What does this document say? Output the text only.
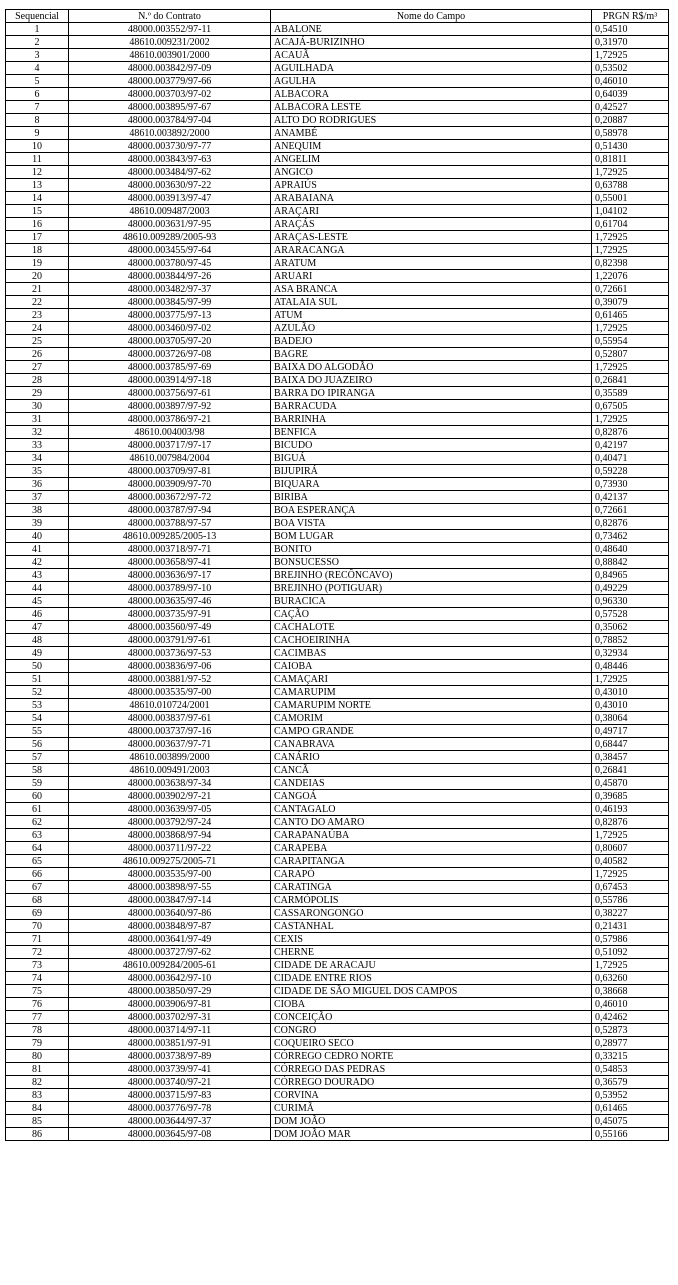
Sequencial	N.º do Contrato	Nome do Campo	PRGN R$/m³
1	48000.003552/97-11	ABALONE	0,54510
2	48610.009231/2002	ACAJÁ-BURIZINHO	0,31970
3	48610.003901/2000	ACAUÃ	1,72925
4	48000.003842/97-09	AGUILHADA	0,53502
5	48000.003779/97-66	AGULHA	0,46010
6	48000.003703/97-02	ALBACORA	0,64039
7	48000.003895/97-67	ALBACORA LESTE	0,42527
8	48000.003784/97-04	ALTO DO RODRIGUES	0,20887
9	48610.003892/2000	ANAMBÉ	0,58978
10	48000.003730/97-77	ANEQUIM	0,51430
11	48000.003843/97-63	ANGELIM	0,81811
12	48000.003484/97-62	ANGICO	1,72925
13	48000.003630/97-22	APRAIÚS	0,63788
14	48000.003913/97-47	ARABAIANA	0,55001
15	48610.009487/2003	ARAÇARI	1,04102
16	48000.003631/97-95	ARAÇÁS	0,61704
17	48610.009289/2005-93	ARAÇAS-LESTE	1,72925
18	48000.003455/97-64	ARARACANGA	1,72925
19	48000.003780/97-45	ARATUM	0,82398
20	48000.003844/97-26	ARUARI	1,22076
21	48000.003482/97-37	ASA BRANCA	0,72661
22	48000.003845/97-99	ATALAIA SUL	0,39079
23	48000.003775/97-13	ATUM	0,61465
24	48000.003460/97-02	AZULÃO	1,72925
25	48000.003705/97-20	BADEJO	0,55954
26	48000.003726/97-08	BAGRE	0,52807
27	48000.003785/97-69	BAIXA DO ALGODÃO	1,72925
28	48000.003914/97-18	BAIXA DO JUAZEIRO	0,26841
29	48000.003756/97-61	BARRA DO IPIRANGA	0,35589
30	48000.003897/97-92	BARRACUDA	0,67505
31	48000.003786/97-21	BARRINHA	1,72925
32	48610.004003/98	BENFICA	0,82876
33	48000.003717/97-17	BICUDO	0,42197
34	48610.007984/2004	BIGUÁ	0,40471
35	48000.003709/97-81	BIJUPIRÁ	0,59228
36	48000.003909/97-70	BIQUARA	0,73930
37	48000.003672/97-72	BIRIBA	0,42137
38	48000.003787/97-94	BOA ESPERANÇA	0,72661
39	48000.003788/97-57	BOA VISTA	0,82876
40	48610.009285/2005-13	BOM LUGAR	0,73462
41	48000.003718/97-71	BONITO	0,48640
42	48000.003658/97-41	BONSUCESSO	0,88842
43	48000.003636/97-17	BREJINHO (RECÔNCAVO)	0,84965
44	48000.003789/97-10	BREJINHO (POTIGUAR)	0,49229
45	48000.003635/97-46	BURACICA	0,96330
46	48000.003735/97-91	CAÇÃO	0,57528
47	48000.003560/97-49	CACHALOTE	0,35062
48	48000.003791/97-61	CACHOEIRINHA	0,78852
49	48000.003736/97-53	CACIMBAS	0,32934
50	48000.003836/97-06	CAIOBA	0,48446
51	48000.003881/97-52	CAMAÇARI	1,72925
52	48000.003535/97-00	CAMARUPIM	0,43010
53	48610.010724/2001	CAMARUPIM NORTE	0,43010
54	48000.003837/97-61	CAMORIM	0,38064
55	48000.003737/97-16	CAMPO GRANDE	0,49717
56	48000.003637/97-71	CANABRAVA	0,68447
57	48610.003899/2000	CANÁRIO	0,38457
58	48610.009491/2003	CANCÃ	0,26841
59	48000.003638/97-34	CANDEIAS	0,45870
60	48000.003902/97-21	CANGOÁ	0,39685
61	48000.003639/97-05	CANTAGALO	0,46193
62	48000.003792/97-24	CANTO DO AMARO	0,82876
63	48000.003868/97-94	CARAPANAÚBA	1,72925
64	48000.003711/97-22	CARAPEBA	0,80607
65	48610.009275/2005-71	CARAPITANGA	0,40582
66	48000.003535/97-00	CARAPÓ	1,72925
67	48000.003898/97-55	CARATINGA	0,67453
68	48000.003847/97-14	CARMÓPOLIS	0,55786
69	48000.003640/97-86	CASSARONGONGO	0,38227
70	48000.003848/97-87	CASTANHAL	0,21431
71	48000.003641/97-49	CEXIS	0,57986
72	48000.003727/97-62	CHERNE	0,51092
73	48610.009284/2005-61	CIDADE DE ARACAJU	1,72925
74	48000.003642/97-10	CIDADE ENTRE RIOS	0,63260
75	48000.003850/97-29	CIDADE DE SÃO MIGUEL DOS CAMPOS	0,38668
76	48000.003906/97-81	CIOBA	0,46010
77	48000.003702/97-31	CONCEIÇÃO	0,42462
78	48000.003714/97-11	CONGRO	0,52873
79	48000.003851/97-91	COQUEIRO SECO	0,28977
80	48000.003738/97-89	CÓRREGO CEDRO NORTE	0,33215
81	48000.003739/97-41	CÓRREGO DAS PEDRAS	0,54853
82	48000.003740/97-21	CÓRREGO DOURADO	0,36579
83	48000.003715/97-83	CORVINA	0,53952
84	48000.003776/97-78	CURIMÃ	0,61465
85	48000.003644/97-37	DOM JOÃO	0,45075
86	48000.003645/97-08	DOM JOÃO MAR	0,55166
